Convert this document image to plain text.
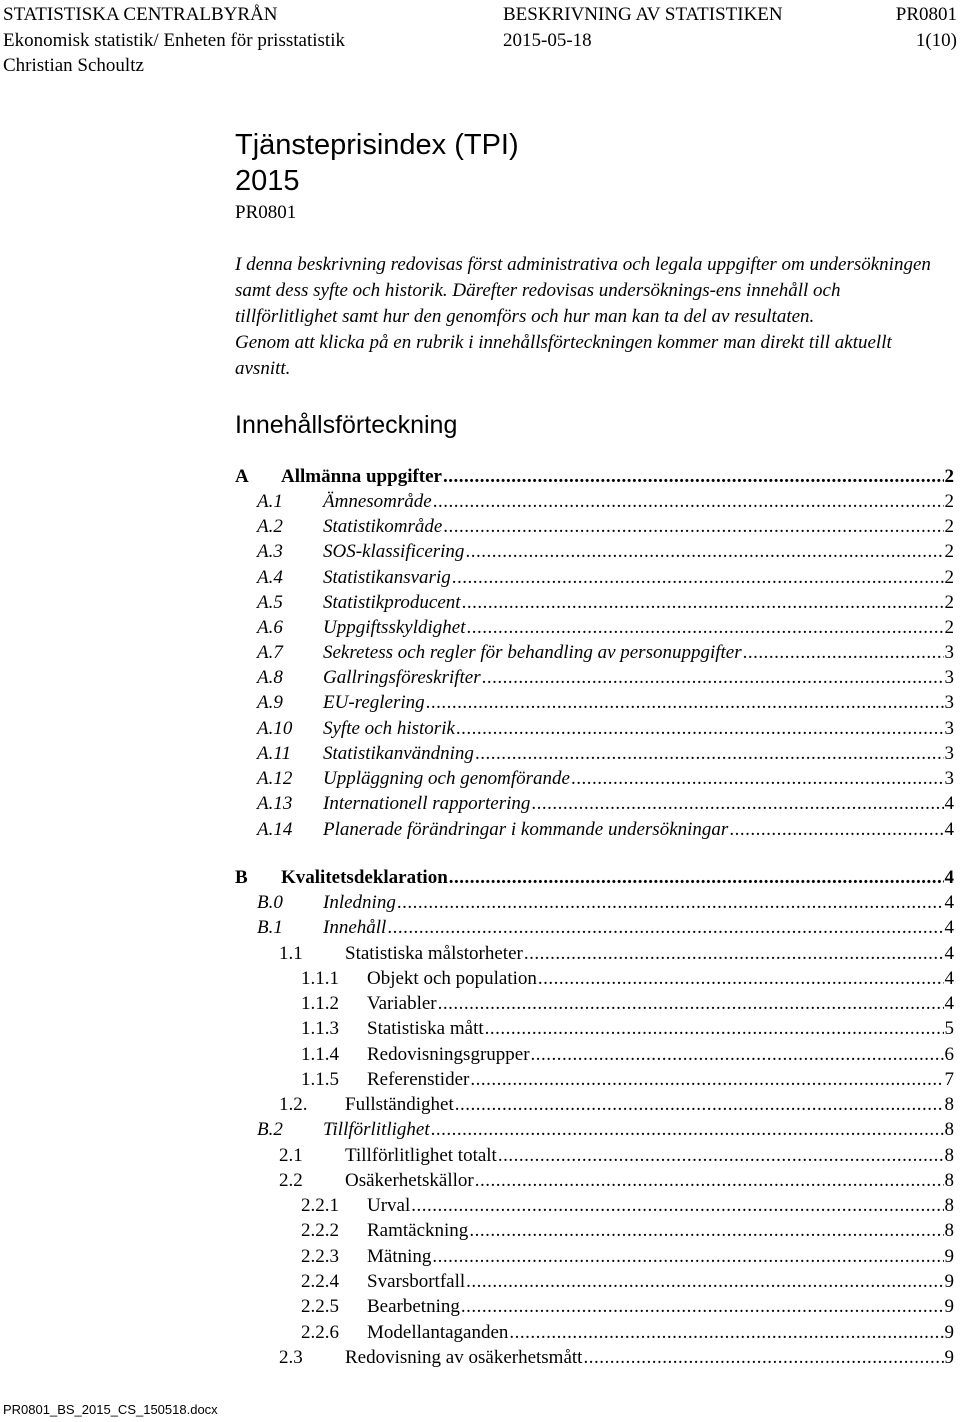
STATISTISKA CENTRALBYRÅN
Ekonomisk statistik/ Enheten för prisstatistik
Christian Schoultz
BESKRIVNING AV STATISTIKEN
2015-05-18
PR0801
1(10)
Tjänsteprisindex (TPI)
2015
PR0801

I denna beskrivning redovisas först administrativa och legala uppgifter om undersökningen samt dess syfte och historik. Därefter redovisas undersöknings-ens innehåll och tillförlitlighet samt hur den genomförs och hur man kan ta del av resultaten.

Genom att klicka på en rubrik i innehållsförteckningen kommer man direkt till aktuellt avsnitt.

Innehållsförteckning
A	Allmänna uppgifter .....	2
A.1	Ämnesområde .....	2
A.2	Statistikområde .....	2
A.3	SOS-klassificering .....	2
A.4	Statistikansvarig .....	2
A.5	Statistikproducent .....	2
A.6	Uppgiftsskyldighet .....	2
A.7	Sekretess och regler för behandling av personuppgifter .....	3
A.8	Gallringsföreskrifter .....	3
A.9	EU-reglering .....	3
A.10	Syfte och historik .....	3
A.11	Statistikanvändning .....	3
A.12	Uppläggning och genomförande .....	3
A.13	Internationell rapportering .....	4
A.14	Planerade förändringar i kommande undersökningar .....	4
B	Kvalitetsdeklaration .....	4
B.0	Inledning .....	4
B.1	Innehåll .....	4
1.1	Statistiska målstorheter .....	4
1.1.1	Objekt och population .....	4
1.1.2	Variabler .....	4
1.1.3	Statistiska mått .....	5
1.1.4	Redovisningsgrupper .....	6
1.1.5	Referenstider .....	7
1.2.	Fullständighet .....	8
B.2	Tillförlitlighet .....	8
2.1	Tillförlitlighet totalt .....	8
2.2	Osäkerhetskällor .....	8
2.2.1	Urval .....	8
2.2.2	Ramtäckning .....	8
2.2.3	Mätning .....	9
2.2.4	Svarsbortfall .....	9
2.2.5	Bearbetning .....	9
2.2.6	Modellantaganden .....	9
2.3	Redovisning av osäkerhetsmått .....	9
PR0801_BS_2015_CS_150518.docx
